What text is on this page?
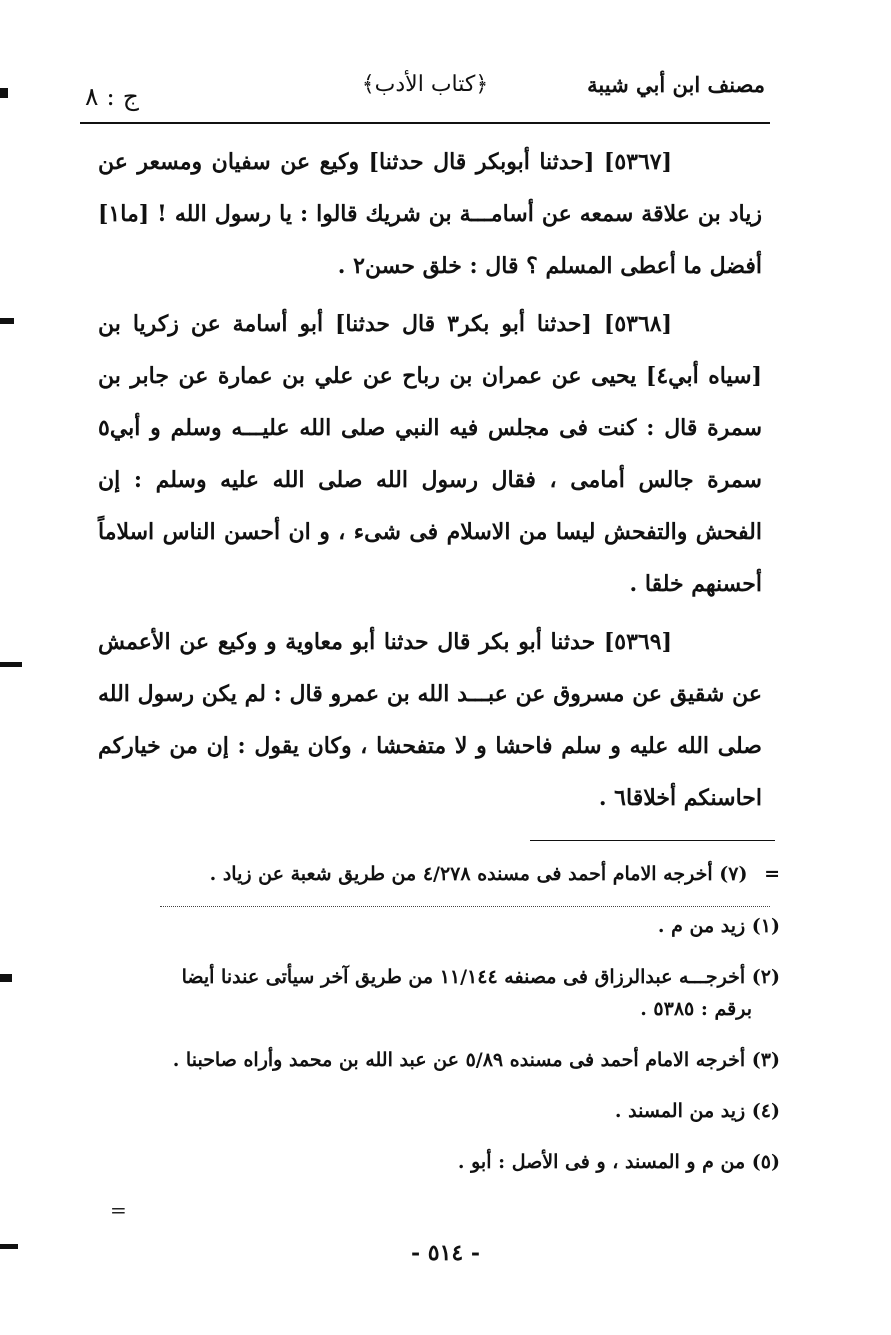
مصنف ابن أبي شيبة
﴿كتاب الأدب﴾
ج : ٨

[٥٣٦٧] [حدثنا أبوبكر قال حدثنا] وكيع عن سفيان ومسعر عن زياد بن علاقة سمعه عن أسامـــة بن شريك قالوا : يا رسول الله ! [ما١] أفضل ما أعطى المسلم ؟ قال : خلق حسن٢ .

[٥٣٦٨] [حدثنا أبو بكر٣ قال حدثنا] أبو أسامة عن زكريا بن [سياه أبي٤] يحيى عن عمران بن رباح عن علي بن عمارة عن جابر بن سمرة قال : كنت فى مجلس فيه النبي صلى الله عليـــه وسلم و أبي٥ سمرة جالس أمامى ، فقال رسول الله صلى الله عليه وسلم : إن الفحش والتفحش ليسا من الاسلام فى شىء ، و ان أحسن الناس اسلاماً أحسنهم خلقا .

[٥٣٦٩] حدثنا أبو بكر قال حدثنا أبو معاوية و وكيع عن الأعمش عن شقيق عن مسروق عن عبـــد الله بن عمرو قال : لم يكن رسول الله صلى الله عليه و سلم فاحشا و لا متفحشا ، وكان يقول : إن من خياركم احاسنكم أخلاقا٦ .

= (٧) أخرجه الامام أحمد فى مسنده ٤/٢٧٨ من طريق شعبة عن زياد .
(١) زيد من م .
(٢) أخرجـــه عبدالرزاق فى مصنفه ١١/١٤٤ من طريق آخر سيأتى عندنا أيضا
برقم : ٥٣٨٥ .
(٣) أخرجه الامام أحمد فى مسنده ٥/٨٩ عن عبد الله بن محمد وأراه صاحبنا .
(٤) زيد من المسند .
(٥) من م و المسند ، و فى الأصل : أبو .
=
- ٥١٤ -
